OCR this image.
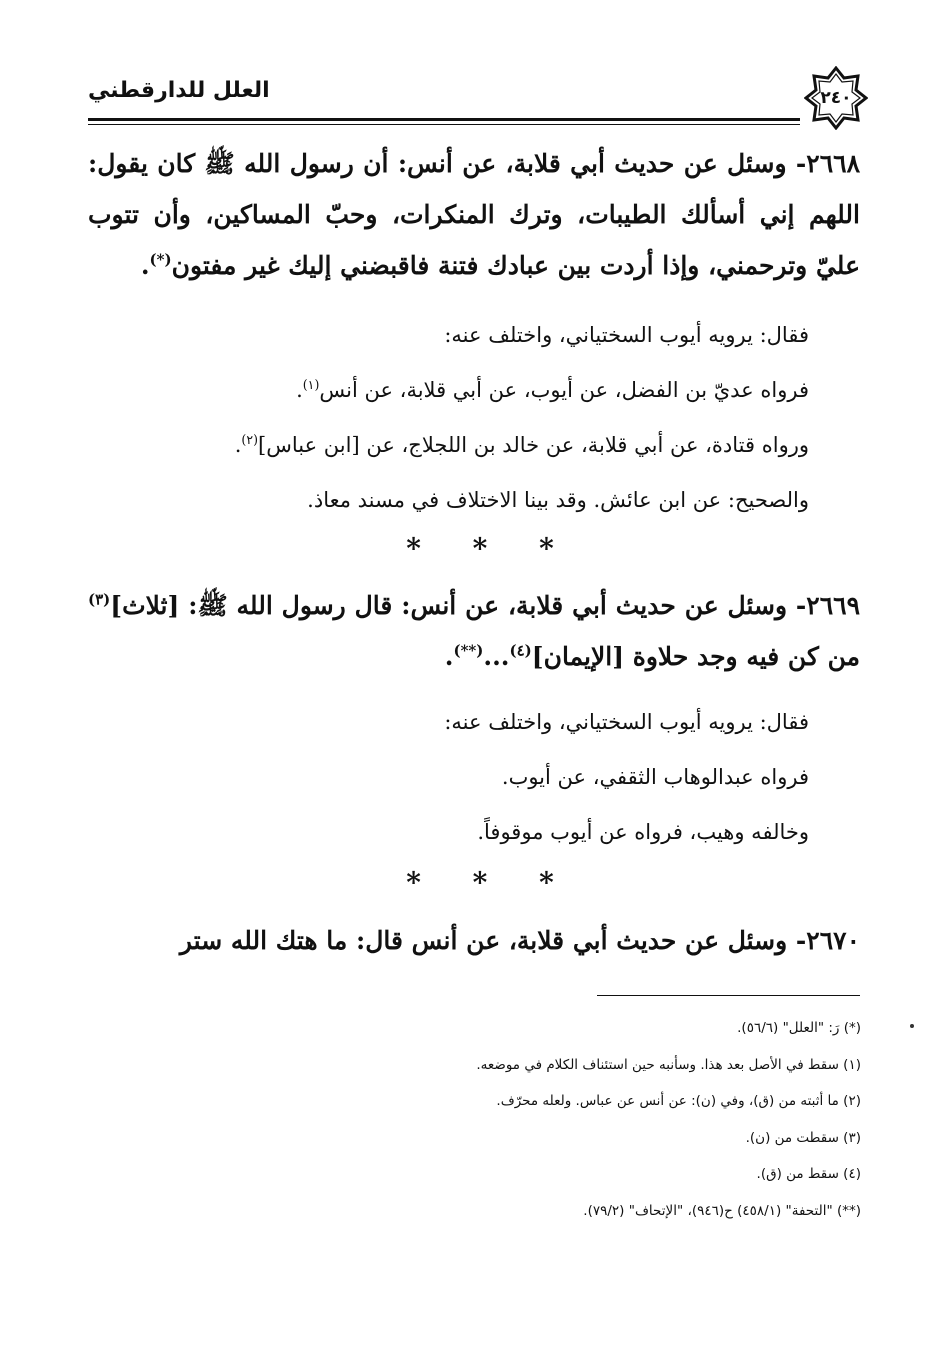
العلل للدارقطني	٢٤٠
٢٦٦٨- وسئل عن حديث أبي قلابة، عن أنس: أن رسول الله ﷺ كان يقول: اللهم إني أسألك الطيبات، وترك المنكرات، وحبّ المساكين، وأن تتوب عليّ وترحمني، وإذا أردت بين عبادك فتنة فاقبضني إليك غير مفتون(*).

فقال: يرويه أيوب السختياني، واختلف عنه:

فرواه عديّ بن الفضل، عن أيوب، عن أبي قلابة، عن أنس$^{(١)}$.

ورواه قتادة، عن أبي قلابة، عن خالد بن اللجلاج، عن [ابن عباس]$^{(٢)}$.

والصحيح: عن ابن عائش. وقد بينا الاختلاف في مسند معاذ.

* * *
٢٦٦٩- وسئل عن حديث أبي قلابة، عن أنس: قال رسول الله ﷺ: [ثلاث]$^{(٣)}$ من كن فيه وجد حلاوة [الإيمان]$^{(٤)}$...(**).

فقال: يرويه أيوب السختياني، واختلف عنه:

فرواه عبدالوهاب الثقفي، عن أيوب.

وخالفه وهيب، فرواه عن أيوب موقوفاً.

* * *
٢٦٧٠- وسئل عن حديث أبي قلابة، عن أنس قال: ما هتك الله ستر

(*) رَ: "العلل" (٥٦/٦).

(١) سقط في الأصل بعد هذا. وسأنبه حين استئناف الكلام في موضعه.

(٢) ما أثبته من (ق)، وفي (ن): عن أنس عن عباس. ولعله محرّف.

(٣) سقطت من (ن).

(٤) سقط من (ق).

(**) "التحفة" (٤٥٨/١) ح(٩٤٦)، "الإتحاف" (٧٩/٢).
